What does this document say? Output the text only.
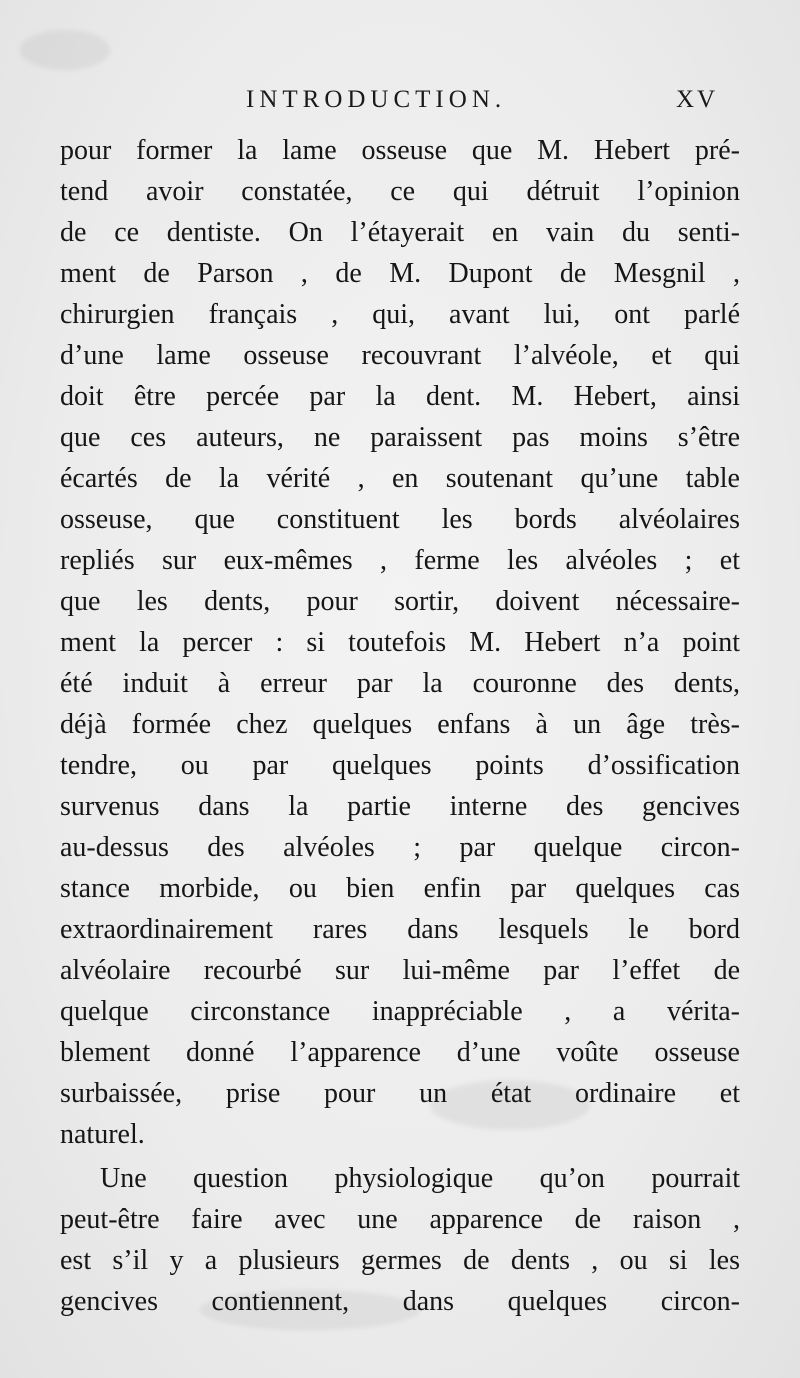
INTRODUCTION.	XV
pour former la lame osseuse que M. Hebert pré-
tend avoir constatée, ce qui détruit l’opinion
de ce dentiste. On l’étayerait en vain du senti-
ment de Parson , de M. Dupont de Mesgnil ,
chirurgien français , qui, avant lui, ont parlé
d’une lame osseuse recouvrant l’alvéole, et qui
doit être percée par la dent. M. Hebert, ainsi
que ces auteurs, ne paraissent pas moins s’être
écartés de la vérité , en soutenant qu’une table
osseuse, que constituent les bords alvéolaires
repliés sur eux-mêmes , ferme les alvéoles ; et
que les dents, pour sortir, doivent nécessaire-
ment la percer : si toutefois M. Hebert n’a point
été induit à erreur par la couronne des dents,
déjà formée chez quelques enfans à un âge très-
tendre, ou par quelques points d’ossification
survenus dans la partie interne des gencives
au-dessus des alvéoles ; par quelque circon-
stance morbide, ou bien enfin par quelques cas
extraordinairement rares dans lesquels le bord
alvéolaire recourbé sur lui-même par l’effet de
quelque circonstance inappréciable , a vérita-
blement donné l’apparence d’une voûte osseuse
surbaissée, prise pour un état ordinaire et
naturel.
Une question physiologique qu’on pourrait
peut-être faire avec une apparence de raison ,
est s’il y a plusieurs germes de dents , ou si les
gencives contiennent, dans quelques circon-
